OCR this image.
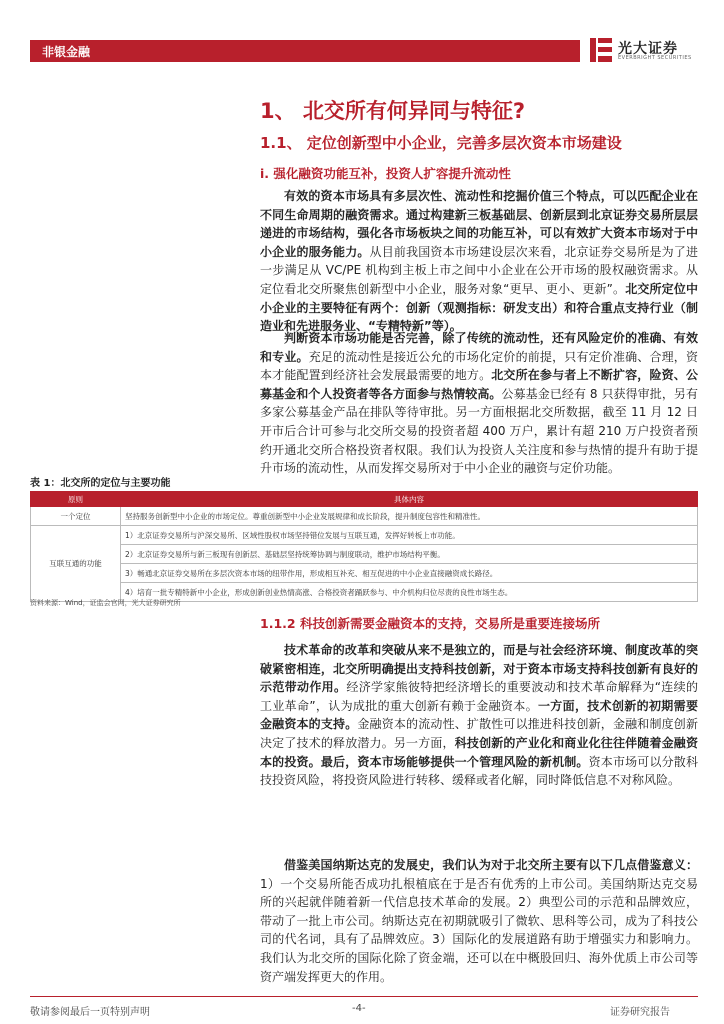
非银金融	光大证券
EVERBRIGHT SECURITIES
1、 北交所有何异同与特征?
1.1、 定位创新型中小企业，完善多层次资本市场建设
i. 强化融资功能互补，投资人扩容提升流动性
有效的资本市场具有多层次性、流动性和挖掘价值三个特点，可以匹配企业在不同生命周期的融资需求。通过构建新三板基础层、创新层到北京证券交易所层层递进的市场结构，强化各市场板块之间的功能互补，可以有效扩大资本市场对于中小企业的服务能力。从目前我国资本市场建设层次来看，北京证券交易所是为了进一步满足从 VC/PE 机构到主板上市之间中小企业在公开市场的股权融资需求。从定位看北交所聚焦创新型中小企业，服务对象“更早、更小、更新”。北交所定位中小企业的主要特征有两个：创新（观测指标：研发支出）和符合重点支持行业（制造业和先进服务业、“专精特新”等）。
判断资本市场功能是否完善，除了传统的流动性，还有风险定价的准确、有效和专业。充足的流动性是接近公允的市场化定价的前提，只有定价准确、合理，资本才能配置到经济社会发展最需要的地方。北交所在参与者上不断扩容，险资、公募基金和个人投资者等各方面参与热情较高。公募基金已经有 8 只获得审批，另有多家公募基金产品在排队等待审批。另一方面根据北交所数据，截至 11 月 12 日开市后合计可参与北交所交易的投资者超 400 万户，累计有超 210 万户投资者预约开通北交所合格投资者权限。我们认为投资人关注度和参与热情的提升有助于提升市场的流动性，从而发挥交易所对于中小企业的融资与定价功能。
表 1：北交所的定位与主要功能
原则	具体内容
一个定位	坚持服务创新型中小企业的市场定位。尊重创新型中小企业发展规律和成长阶段，提升制度包容性和精准性。
互联互通的功能	1）北京证券交易所与沪深交易所、区域性股权市场坚持错位发展与互联互通，发挥好转板上市功能。
	2）北京证券交易所与新三板现有创新层、基础层坚持统筹协调与制度联动，维护市场结构平衡。
	3）畅通北京证券交易所在多层次资本市场的纽带作用，形成相互补充、相互促进的中小企业直接融资成长路径。
	4）培育一批专精特新中小企业，形成创新创业热情高涨、合格投资者踊跃参与、中介机构归位尽责的良性市场生态。
资料来源：Wind，证监会官网，光大证券研究所
1.1.2 科技创新需要金融资本的支持，交易所是重要连接场所
技术革命的改革和突破从来不是独立的，而是与社会经济环境、制度改革的突破紧密相连，北交所明确提出支持科技创新，对于资本市场支持科技创新有良好的示范带动作用。经济学家熊彼特把经济增长的重要波动和技术革命解释为“连续的工业革命”，认为成批的重大创新有赖于金融资本。一方面，技术创新的初期需要金融资本的支持。金融资本的流动性、扩散性可以推进科技创新，金融和制度创新决定了技术的释放潜力。另一方面，科技创新的产业化和商业化往往伴随着金融资本的投资。最后，资本市场能够提供一个管理风险的新机制。资本市场可以分散科技投资风险，将投资风险进行转移、缓释或者化解，同时降低信息不对称风险。
借鉴美国纳斯达克的发展史，我们认为对于北交所主要有以下几点借鉴意义：1）一个交易所能否成功扎根植底在于是否有优秀的上市公司。美国纳斯达克交易所的兴起就伴随着新一代信息技术革命的发展。2）典型公司的示范和品牌效应，带动了一批上市公司。纳斯达克在初期就吸引了微软、思科等公司，成为了科技公司的代名词，具有了品牌效应。3）国际化的发展道路有助于增强实力和影响力。我们认为北交所的国际化除了资金端，还可以在中概股回归、海外优质上市公司等资产端发挥更大的作用。
敬请参阅最后一页特别声明	-4-	证券研究报告
